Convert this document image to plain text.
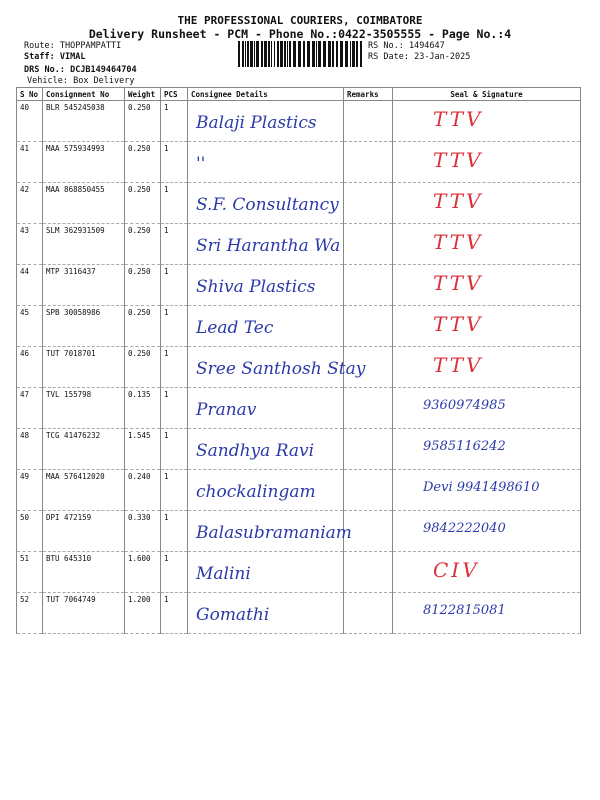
THE PROFESSIONAL COURIERS, COIMBATORE
Delivery Runsheet - PCM - Phone No.:0422-3505555 - Page No.:4
Route: THOPPAMPATTI
Staff: VIMAL
DRS No.: DCJB149464704
RS No.: 1494647
RS Date: 23-Jan-2025
Vehicle: Box Delivery
S No	Consignment No	Weight	PCS	Consignee Details	Remarks	Seal & Signature
40	BLR 545245038	0.250	1	Balaji Plastics		TTV

41	MAA 575934993	0.250	1	''		TTV

42	MAA 868850455	0.250	1	S.F. Consultancy		TTV

43	SLM 362931509	0.250	1	Sri Harantha Wa		TTV

44	MTP 3116437	0.250	1	Shiva Plastics		TTV

45	SPB 30058986	0.250	1	Lead Tec		TTV

46	TUT 7018701	0.250	1	Sree Santhosh Stay		TTV

47	TVL 155798	0.135	1	Pranav		9360974985

48	TCG 41476232	1.545	1	Sandhya Ravi		9585116242

49	MAA 576412020	0.240	1	chockalingam		Devi 9941498610

50	DPI 472159	0.330	1	Balasubramaniam		9842222040

51	BTU 645310	1.600	1	Malini		CIV

52	TUT 7064749	1.200	1	Gomathi		8122815081
